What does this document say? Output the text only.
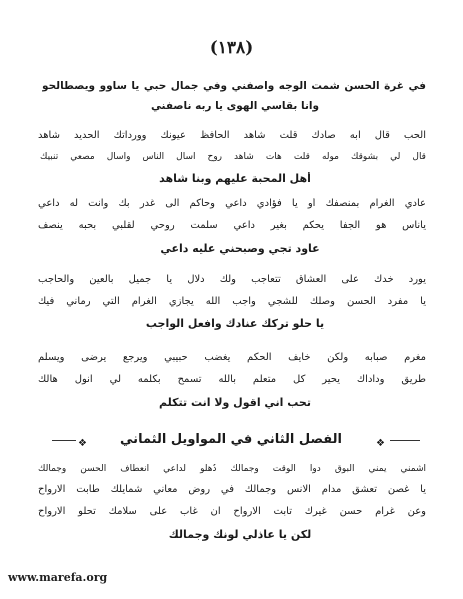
(١٣٨)
في غرة الحسن شمت الوجه واصفني وفي جمال حبي يا ساوو ويصطالحو
وانا بقاسي الهوى يا ربه ناصفني
الحب قال ابه صادك قلت شاهد الحافظ عيونك وورداتك الحديد شاهد
قال لي بشوقك مولّه قلت هات شاهد روح اسأل الناس واسأل مصعي تنبيك
أهل المحبة عليهم وبنا شاهد
عادي الغرام بمنصفك أو يا فؤادي داعي وحاكم الى غدر بك وانت له داعي
ياناس هو الجفا يحكم بغير داعي سلمت روحي لقلبي بحبه ينصف
عاود تجي وصبحني عليه داعي
يورد خدك على العشاق تتعاجب ولك دلال يا جميل بالعين والحاجب
يا مفرد الحسن وصلك للشجي واجب الله يجازي الغرام التي رماني فيك
يا حلو تركك عنادك وافعل الواجب
مغرم صبابه ولكن خايف الحكم يغضب حبيبي ويرجع يرضى ويسلم
طريق وداداك يحير كل متعلم بالله تسمح بكلمه لي انول هالك
تحب اني اقول ولا انت تتكلم
❖	الفصل الثاني في المواويل الثماني	❖
اشمني يمني البوق دوا الوقت وجمالك ذُهلو لداعي انعطاف الحسن وجمالك
يا غصن تعشق مدام الانس وجمالك في روض معاني شمايلك طابت الارواح
وعن غرام حسن غيرك تابت الارواح ان غاب على سلامك تحلو الارواح
لكن يا عاذلي لونك وجمالك
www.marefa.org
